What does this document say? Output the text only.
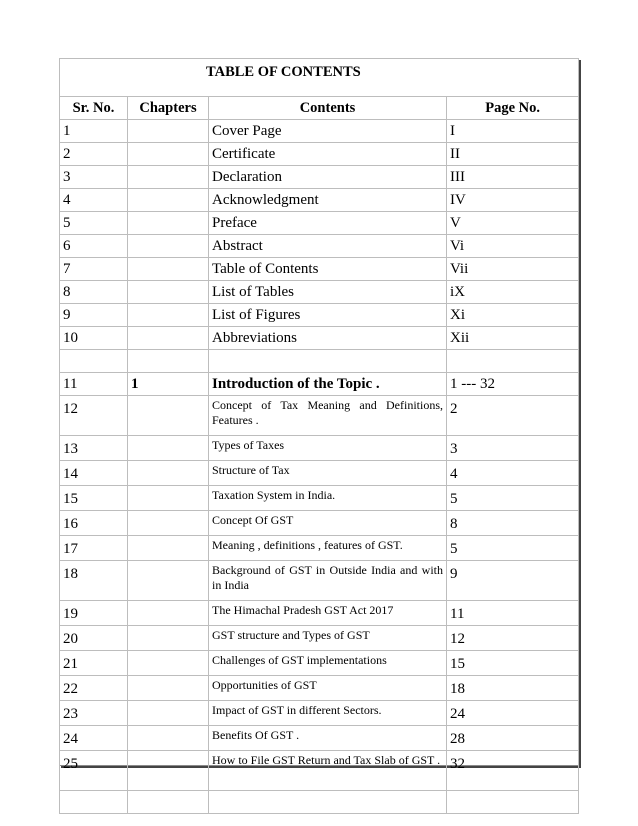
TABLE OF CONTENTS			
Sr. No.	Chapters	Contents	Page No.
1		Cover Page	I
2		Certificate	II
3		Declaration	III
4		Acknowledgment	IV
5		Preface	V
6		Abstract	Vi
7		Table of Contents	Vii
8		List of Tables	iX
9		List of Figures	Xi
10		Abbreviations	Xii

11	1	Introduction of the Topic .	1 --- 32
12		Concept of Tax Meaning and Definitions, Features .	2
13		Types of Taxes	3
14		Structure of Tax	4
15		Taxation System in India.	5
16		Concept Of GST	8
17		Meaning , definitions , features of GST.	5
18		Background of GST in Outside India and with in India	9
19		The Himachal Pradesh GST Act 2017	11
20		GST structure and Types of GST	12
21		Challenges of GST implementations	15
22		Opportunities of GST	18
23		Impact of GST in different Sectors.	24
24		Benefits Of GST .	28
25		How to File GST Return and Tax Slab of GST .	32
